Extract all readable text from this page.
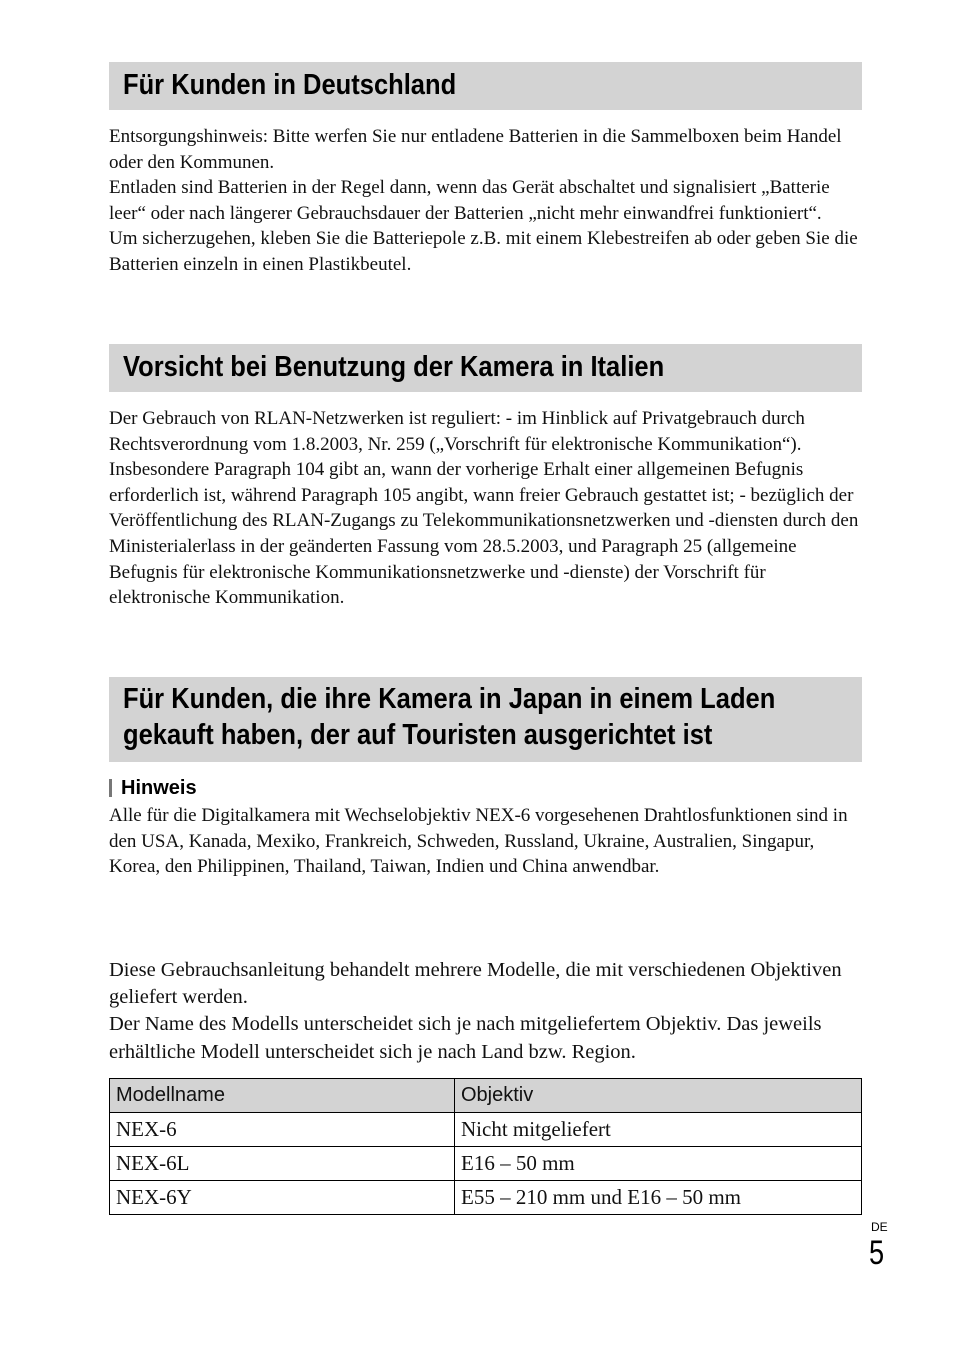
Für Kunden in Deutschland

Entsorgungshinweis: Bitte werfen Sie nur entladene Batterien in die Sammelboxen beim Handel oder den Kommunen.

Entladen sind Batterien in der Regel dann, wenn das Gerät abschaltet und signalisiert „Batterie leer“ oder nach längerer Gebrauchsdauer der Batterien „nicht mehr einwandfrei funktioniert“.

Um sicherzugehen, kleben Sie die Batteriepole z.B. mit einem Klebestreifen ab oder geben Sie die Batterien einzeln in einen Plastikbeutel.

Vorsicht bei Benutzung der Kamera in Italien

Der Gebrauch von RLAN-Netzwerken ist reguliert: - im Hinblick auf Privatgebrauch durch Rechtsverordnung vom 1.8.2003, Nr. 259 („Vorschrift für elektronische Kommunikation“). Insbesondere Paragraph 104 gibt an, wann der vorherige Erhalt einer allgemeinen Befugnis erforderlich ist, während Paragraph 105 angibt, wann freier Gebrauch gestattet ist; - bezüglich der Veröffentlichung des RLAN-Zugangs zu Telekommunikationsnetzwerken und -diensten durch den Ministerialerlass in der geänderten Fassung vom 28.5.2003, und Paragraph 25 (allgemeine Befugnis für elektronische Kommunikationsnetzwerke und -dienste) der Vorschrift für elektronische Kommunikation.

Für Kunden, die ihre Kamera in Japan in einem Laden
gekauft haben, der auf Touristen ausgerichtet ist
Hinweis

Alle für die Digitalkamera mit Wechselobjektiv NEX-6 vorgesehenen Drahtlosfunktionen sind in den USA, Kanada, Mexiko, Frankreich, Schweden, Russland, Ukraine, Australien, Singapur, Korea, den Philippinen, Thailand, Taiwan, Indien und China anwendbar.

Diese Gebrauchsanleitung behandelt mehrere Modelle, die mit verschiedenen Objektiven geliefert werden.

Der Name des Modells unterscheidet sich je nach mitgeliefertem Objektiv. Das jeweils erhältliche Modell unterscheidet sich je nach Land bzw. Region.

Modellname	Objektiv
NEX-6	Nicht mitgeliefert
NEX-6L	E16 – 50 mm
NEX-6Y	E55 – 210 mm und E16 – 50 mm
DE
5
